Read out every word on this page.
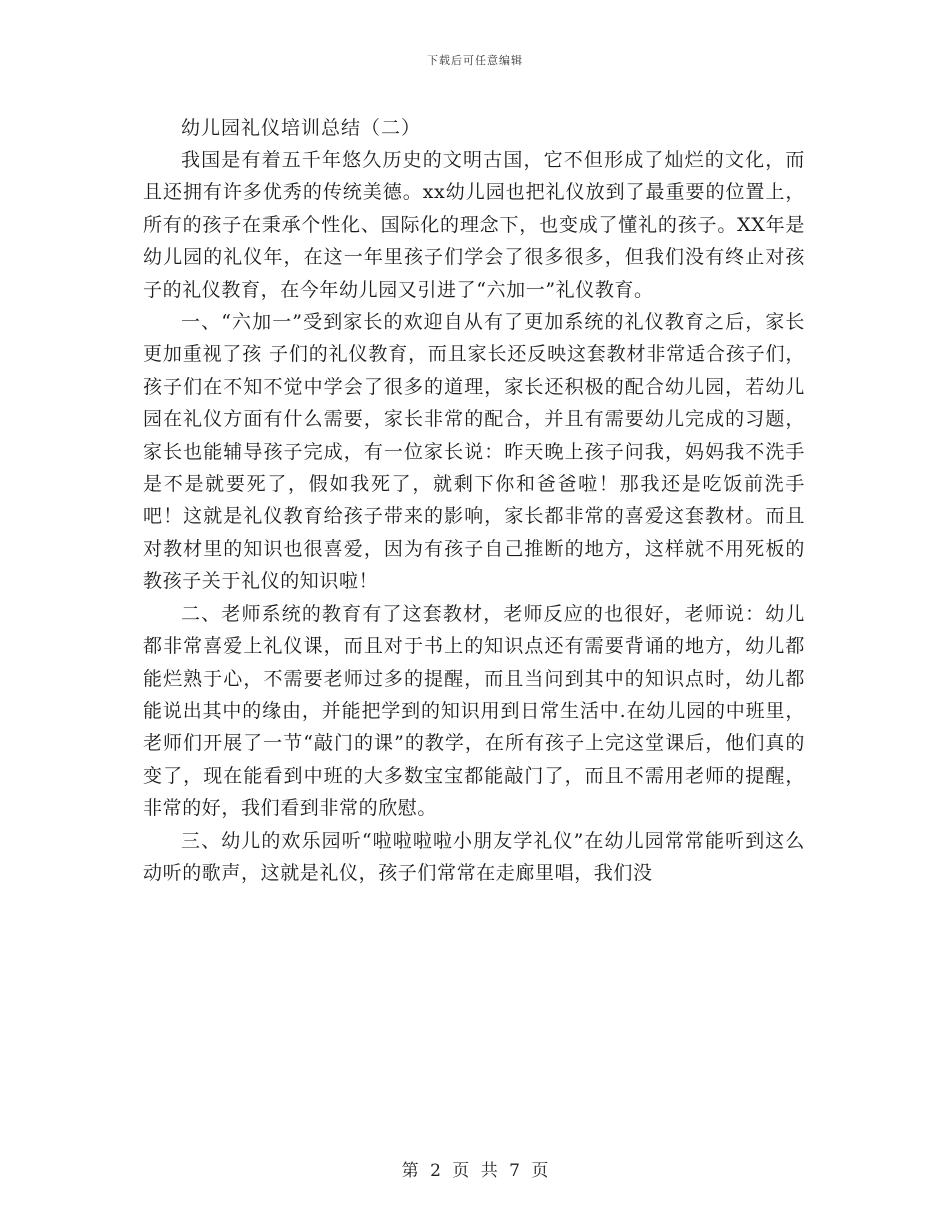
下载后可任意编辑
幼儿园礼仪培训总结（二）

我国是有着五千年悠久历史的文明古国，它不但形成了灿烂的文化，而且还拥有许多优秀的传统美德。xx幼儿园也把礼仪放到了最重要的位置上，所有的孩子在秉承个性化、国际化的理念下，也变成了懂礼的孩子。XX年是幼儿园的礼仪年，在这一年里孩子们学会了很多很多，但我们没有终止对孩子的礼仪教育，在今年幼儿园又引进了“六加一”礼仪教育。

一、“六加一”受到家长的欢迎自从有了更加系统的礼仪教育之后，家长更加重视了孩 子们的礼仪教育，而且家长还反映这套教材非常适合孩子们，孩子们在不知不觉中学会了很多的道理，家长还积极的配合幼儿园，若幼儿园在礼仪方面有什么需要，家长非常的配合，并且有需要幼儿完成的习题，家长也能辅导孩子完成，有一位家长说：昨天晚上孩子问我，妈妈我不洗手是不是就要死了，假如我死了，就剩下你和爸爸啦！那我还是吃饭前洗手吧！这就是礼仪教育给孩子带来的影响，家长都非常的喜爱这套教材。而且对教材里的知识也很喜爱，因为有孩子自己推断的地方，这样就不用死板的教孩子关于礼仪的知识啦！

二、老师系统的教育有了这套教材，老师反应的也很好，老师说：幼儿都非常喜爱上礼仪课，而且对于书上的知识点还有需要背诵的地方，幼儿都能烂熟于心，不需要老师过多的提醒，而且当问到其中的知识点时，幼儿都能说出其中的缘由，并能把学到的知识用到日常生活中.在幼儿园的中班里，老师们开展了一节“敲门的课”的教学，在所有孩子上完这堂课后，他们真的变了，现在能看到中班的大多数宝宝都能敲门了，而且不需用老师的提醒，非常的好，我们看到非常的欣慰。

三、幼儿的欢乐园听“啦啦啦啦小朋友学礼仪”在幼儿园常常能听到这么动听的歌声，这就是礼仪，孩子们常常在走廊里唱，我们没

第 2 页 共 7 页
